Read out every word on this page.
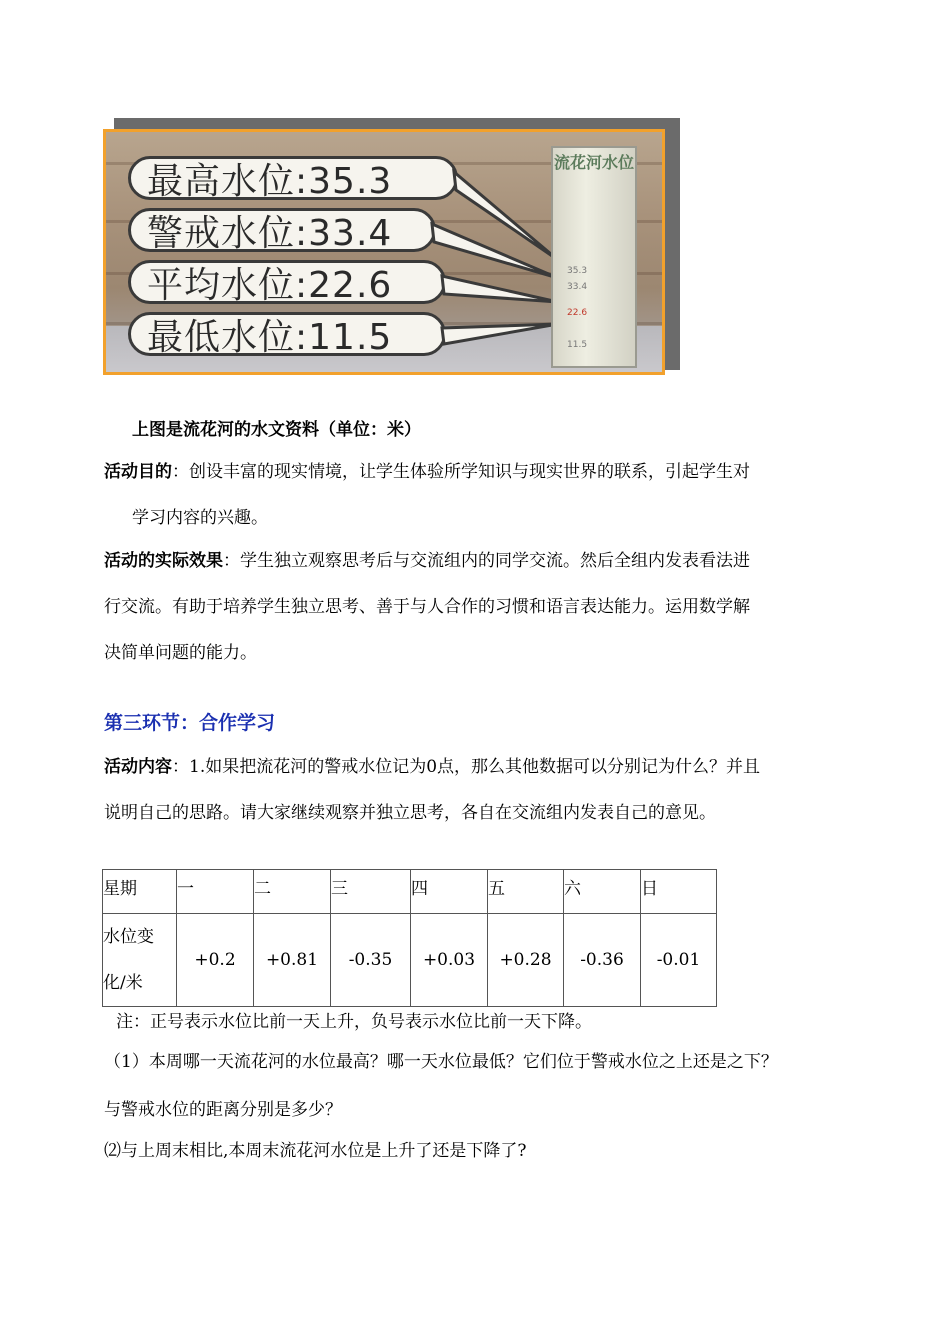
最高水位:35.3
警戒水位:33.4
平均水位:22.6
最低水位:11.5
流花河水位
35.3
33.4
22.6
11.5
上图是流花河的水文资料（单位：米）
活动目的：创设丰富的现实情境，让学生体验所学知识与现实世界的联系，引起学生对
学习内容的兴趣。
活动的实际效果：学生独立观察思考后与交流组内的同学交流。然后全组内发表看法进
行交流。有助于培养学生独立思考、善于与人合作的习惯和语言表达能力。运用数学解
决简单问题的能力。
第三环节：合作学习
活动内容：1.如果把流花河的警戒水位记为0点，那么其他数据可以分别记为什么？并且
说明自己的思路。请大家继续观察并独立思考，各自在交流组内发表自己的意见。
星期	一	二	三	四	五	六	日

水位变
化/米	+0.2	+0.81	-0.35	+0.03	+0.28	-0.36	-0.01
注：正号表示水位比前一天上升，负号表示水位比前一天下降。
（1）本周哪一天流花河的水位最高？哪一天水位最低？它们位于警戒水位之上还是之下？
与警戒水位的距离分别是多少？
⑵与上周末相比,本周末流花河水位是上升了还是下降了?
